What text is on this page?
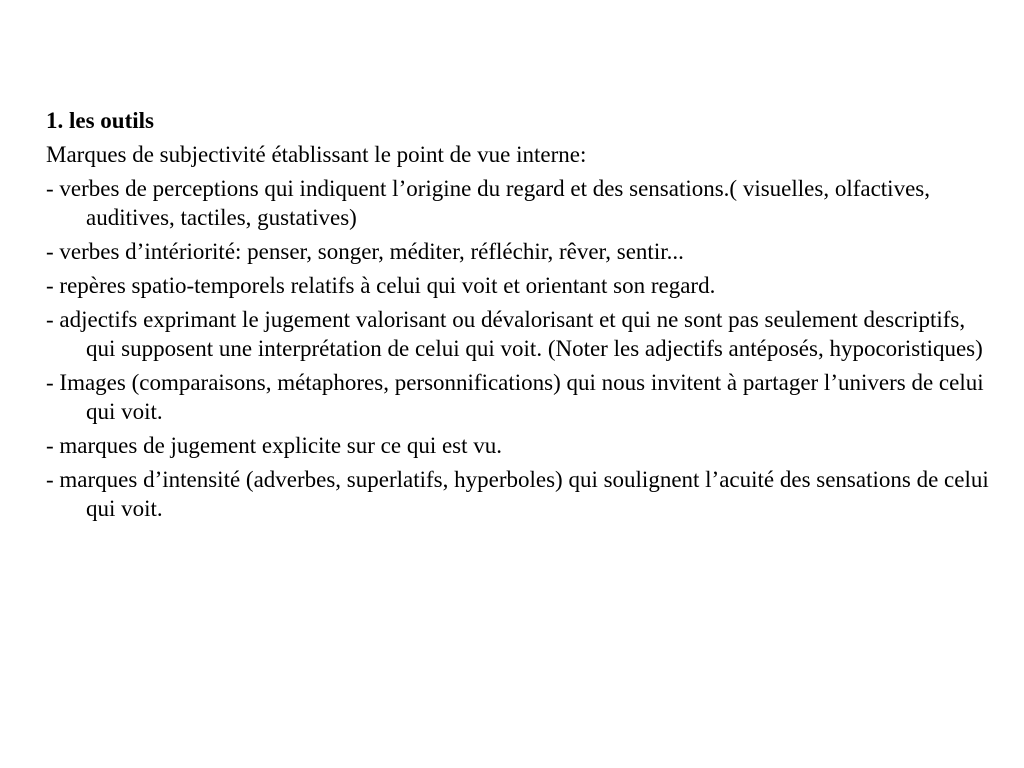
1. les outils
Marques de subjectivité établissant le point de vue interne:
- verbes de perceptions qui indiquent l’origine du regard et des sensations.( visuelles, olfactives, auditives, tactiles, gustatives)
- verbes d’intériorité: penser, songer, méditer, réfléchir, rêver, sentir...
- repères spatio-temporels relatifs à celui qui voit et orientant son regard.
- adjectifs exprimant le jugement valorisant ou dévalorisant et qui ne sont pas seulement descriptifs, qui supposent une interprétation de celui qui voit. (Noter les adjectifs antéposés, hypocoristiques)
- Images (comparaisons, métaphores, personnifications) qui nous invitent à partager l’univers de celui qui voit.
- marques de jugement explicite sur ce qui est vu.
- marques d’intensité (adverbes, superlatifs, hyperboles) qui soulignent l’acuité des sensations de celui qui voit.
